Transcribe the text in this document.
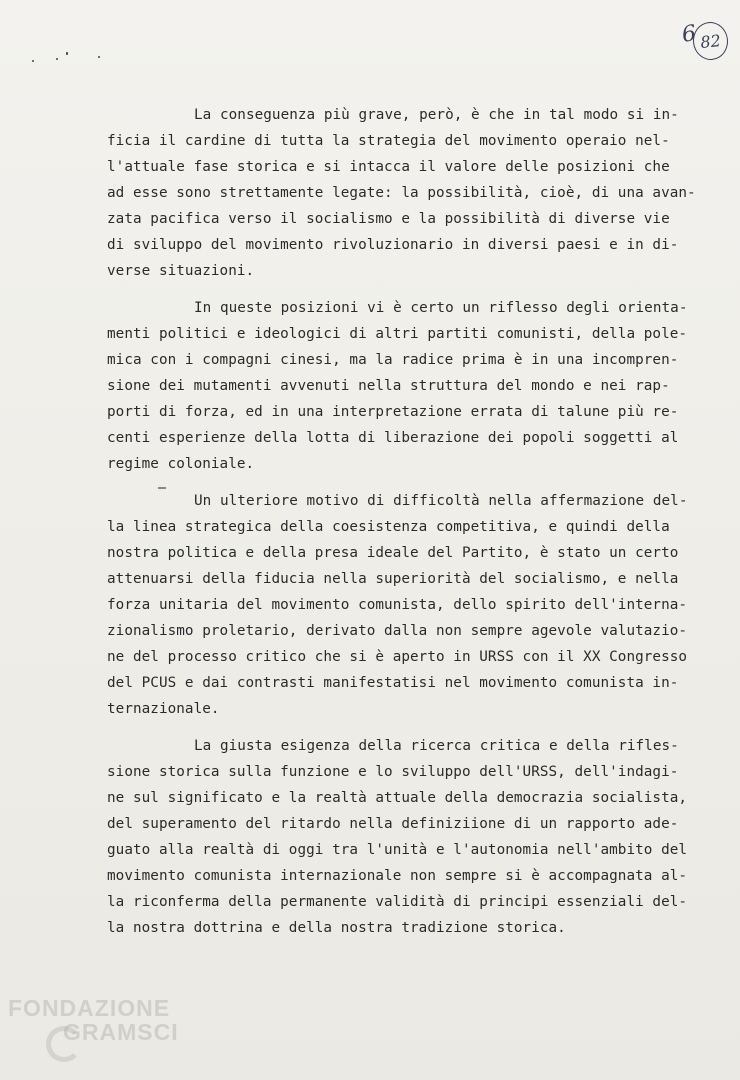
6 82
La conseguenza più grave, però, è che in tal modo si in-
ficia il cardine di tutta la strategia del movimento operaio nel-
l'attuale fase storica e si intacca il valore delle posizioni che
ad esse sono strettamente legate: la possibilità, cioè, di una avan-
zata pacifica verso il socialismo e la possibilità di diverse vie
di sviluppo del movimento rivoluzionario in diversi paesi e in di-
verse situazioni.
In queste posizioni vi è certo un riflesso degli orienta-
menti politici e ideologici di altri partiti comunisti, della pole-
mica con i compagni cinesi, ma la radice prima è in una incompren-
sione dei mutamenti avvenuti nella struttura del mondo e nei rap-
porti di forza, ed in una interpretazione errata di talune più re-
centi esperienze della lotta di liberazione dei popoli soggetti al
regime coloniale.
Un ulteriore motivo di difficoltà nella affermazione del-
la linea strategica della coesistenza competitiva, e quindi della
nostra politica e della presa ideale del Partito, è stato un certo
attenuarsi della fiducia nella superiorità del socialismo, e nella
forza unitaria del movimento comunista, dello spirito dell'interna-
zionalismo proletario, derivato dalla non sempre agevole valutazio-
ne del processo critico che si è aperto in URSS con il XX Congresso
del PCUS e dai contrasti manifestatisi nel movimento comunista in-
ternazionale.
La giusta esigenza della ricerca critica e della rifles-
sione storica sulla funzione e lo sviluppo dell'URSS, dell'indagi-
ne sul significato e la realtà attuale della democrazia socialista,
del superamento del ritardo nella definiziione di un rapporto ade-
guato alla realtà di oggi tra l'unità e l'autonomia nell'ambito del
movimento comunista internazionale non sempre si è accompagnata al-
la riconferma della permanente validità di principi essenziali del-
la nostra dottrina e della nostra tradizione storica.
FONDAZIONE
GRAMSCI
